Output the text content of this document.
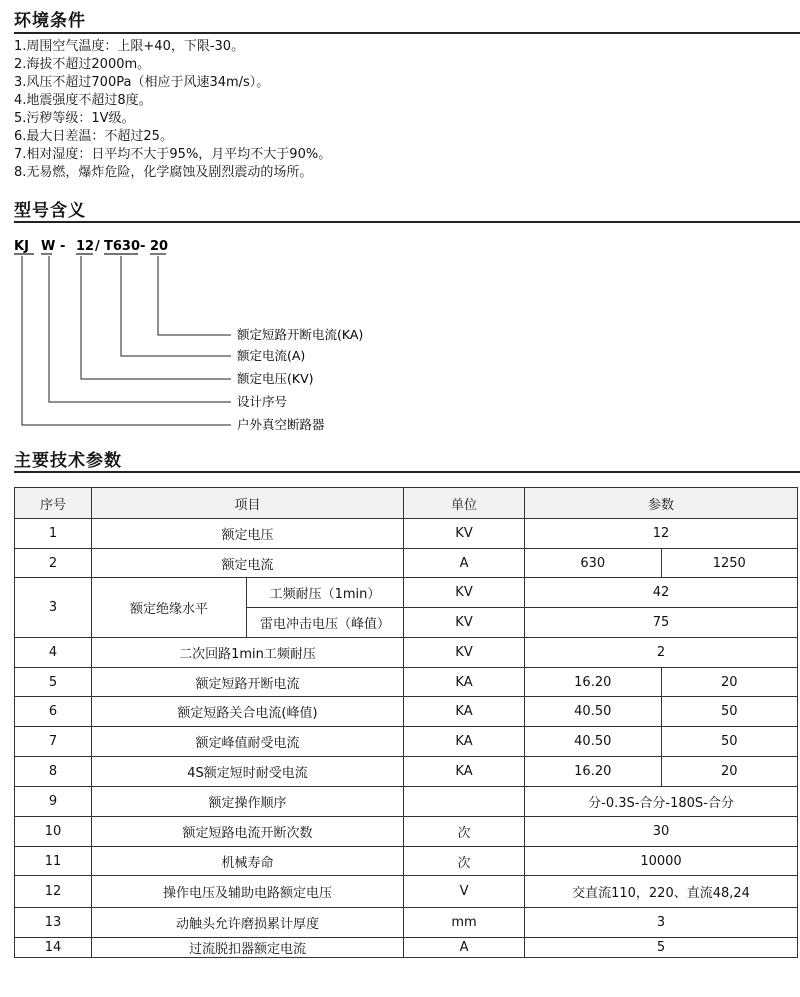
环境条件
1.周围空气温度：上限+40，下限-30。
2.海拔不超过2000m。
3.风压不超过700Pa（相应于风速34m/s）。
4.地震强度不超过8度。
5.污秽等级：1V级。
6.最大日差温：不超过25。
7.相对湿度：日平均不大于95%，月平均不大于90%。
8.无易燃，爆炸危险，化学腐蚀及剧烈震动的场所。
型号含义
KJ W - 12 / T630 - 20
额定短路开断电流(KA)
额定电流(A)
额定电压(KV)
设计序号
户外真空断路器
主要技术参数
序号	项目		单位	参数
1	额定电压		KV	12
2	额定电流		A	630 1250

3	额定绝缘水平	工频耐压（1min）	KV	42
		雷电冲击电压（峰值）	KV	75
4	二次回路1min工频耐压		KV	2
5	额定短路开断电流		KA	16.20 20

6	额定短路关合电流(峰值)		KA	40.50 50

7	额定峰值耐受电流		KA	40.50 50

8	4S额定短时耐受电流		KA	16.20 20

9	额定操作顺序			分-0.3S-合分-180S-合分
10	额定短路电流开断次数		次	30
11	机械寿命		次	10000
12	操作电压及辅助电路额定电压		V	交直流110，220、直流48,24
13	动触头允许磨损累计厚度		mm	3
14	过流脱扣器额定电流		A	5
